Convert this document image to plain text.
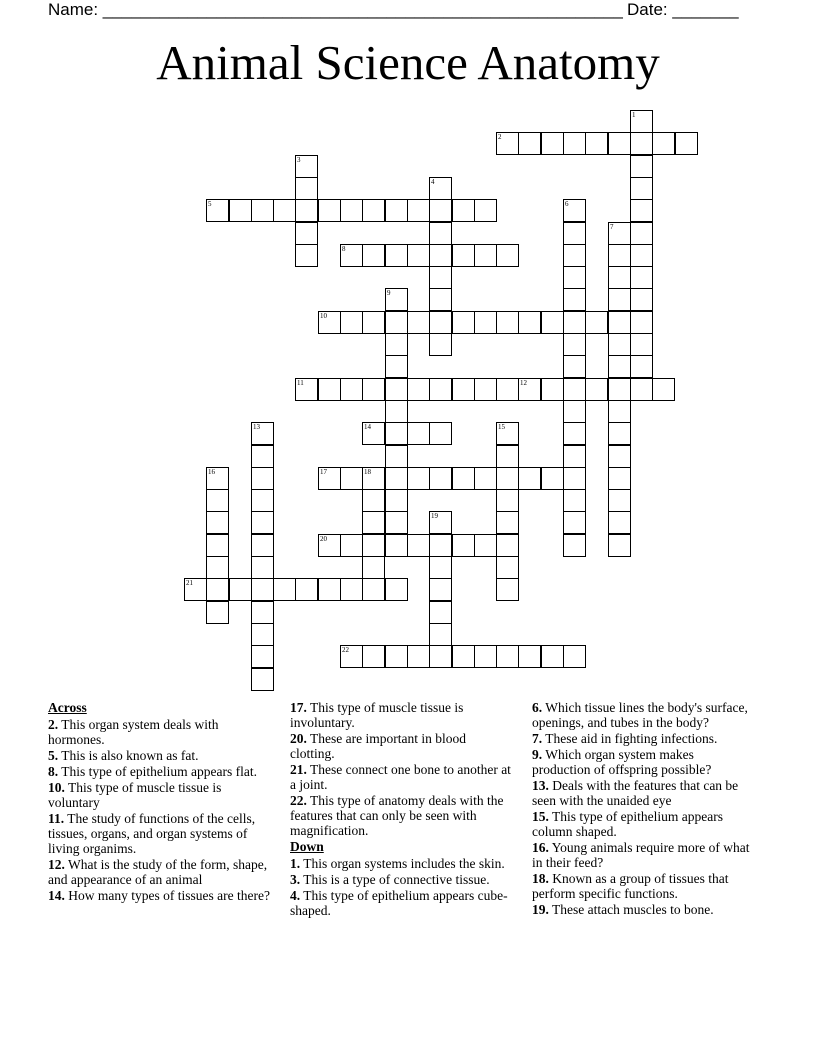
Name: _______________________________________________________ Date: _______
Animal Science Anatomy
1
2
3
4
5	6
7
8
9
10
11	12
13	14	15
16	17	18
19
20
21
22
Across
2. This organ system deals with hormones.
5. This is also known as fat.
8. This type of epithelium appears flat.
10. This type of muscle tissue is voluntary
11. The study of functions of the cells, tissues, organs, and organ systems of living organims.
12. What is the study of the form, shape, and appearance of an animal
14. How many types of tissues are there?
17. This type of muscle tissue is involuntary.
20. These are important in blood clotting.
21. These connect one bone to another at a joint.
22. This type of anatomy deals with the features that can only be seen with magnification.
Down
1. This organ systems includes the skin.
3. This is a type of connective tissue.
4. This type of epithelium appears cube-shaped.
6. Which tissue lines the body's surface, openings, and tubes in the body?
7. These aid in fighting infections.
9. Which organ system makes production of offspring possible?
13. Deals with the features that can be seen with the unaided eye
15. This type of epithelium appears column shaped.
16. Young animals require more of what in their feed?
18. Known as a group of tissues that perform specific functions.
19. These attach muscles to bone.
